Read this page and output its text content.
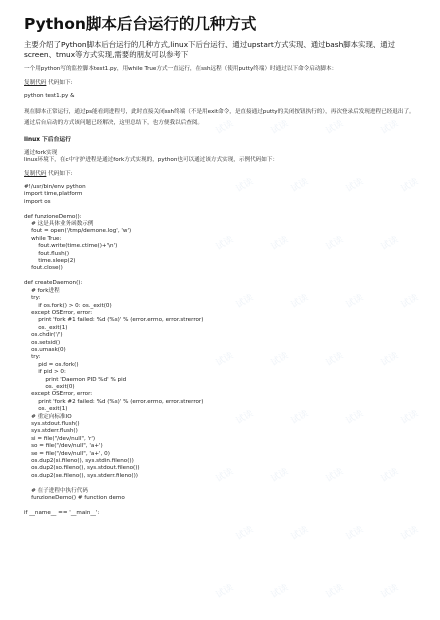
试读	试读	试读	试读
试读	试读	试读	试读
试读	试读	试读	试读
试读	试读	试读	试读
试读	试读	试读	试读
试读	试读	试读	试读
试读	试读	试读	试读
试读	试读	试读	试读
试读	试读	试读	试读
Python脚本后台运行的几种方式
主要介绍了Python脚本后台运行的几种方式,linux下后台运行、通过upstart方式实现、通过bash脚本实现、通过screen、tmux等方式实现,需要的朋友可以参考下
一个用python写的监控脚本test1.py，用while True方式一直运行，在ssh远程（使用putty终端）时通过以下命令启动脚本：
复制代码 代码如下:
python test1.py &
现在脚本正常运行，通过ps能看到进程号，此时直接关闭ssh终端（不是用exit命令，是直接通过putty的关闭按钮执行的），再次登录后发现进程已经退出了。
通过后台启动的方式该问题已经解决，这里总结下，也方便我以后查阅。
linux 下后台运行
通过fork实现
linux环境下，在c中守护进程是通过fork方式实现的，python也可以通过该方式实现，示例代码如下：
复制代码 代码如下:
#!/usr/bin/env python
import time,platform
import os

def funzioneDemo():
# 这是具体业务函数示例
fout = open('/tmp/demone.log', 'w')
while True:
fout.write(time.ctime()+'\n')
fout.flush()
time.sleep(2)
fout.close()

def createDaemon():
# fork进程
try:
if os.fork() > 0: os._exit(0)
except OSError, error:
print 'fork #1 failed: %d (%s)' % (error.errno, error.strerror)
os._exit(1)
os.chdir('/')
os.setsid()
os.umask(0)
try:
pid = os.fork()
if pid > 0:
print 'Daemon PID %d' % pid
os._exit(0)
except OSError, error:
print 'fork #2 failed: %d (%s)' % (error.errno, error.strerror)
os._exit(1)
# 重定向标准IO
sys.stdout.flush()
sys.stderr.flush()
si = file("/dev/null", 'r')
so = file("/dev/null", 'a+')
se = file("/dev/null", 'a+', 0)
os.dup2(si.fileno(), sys.stdin.fileno())
os.dup2(so.fileno(), sys.stdout.fileno())
os.dup2(se.fileno(), sys.stderr.fileno())

# 在子进程中执行代码
funzioneDemo() # function demo

if __name__ == '__main__':
